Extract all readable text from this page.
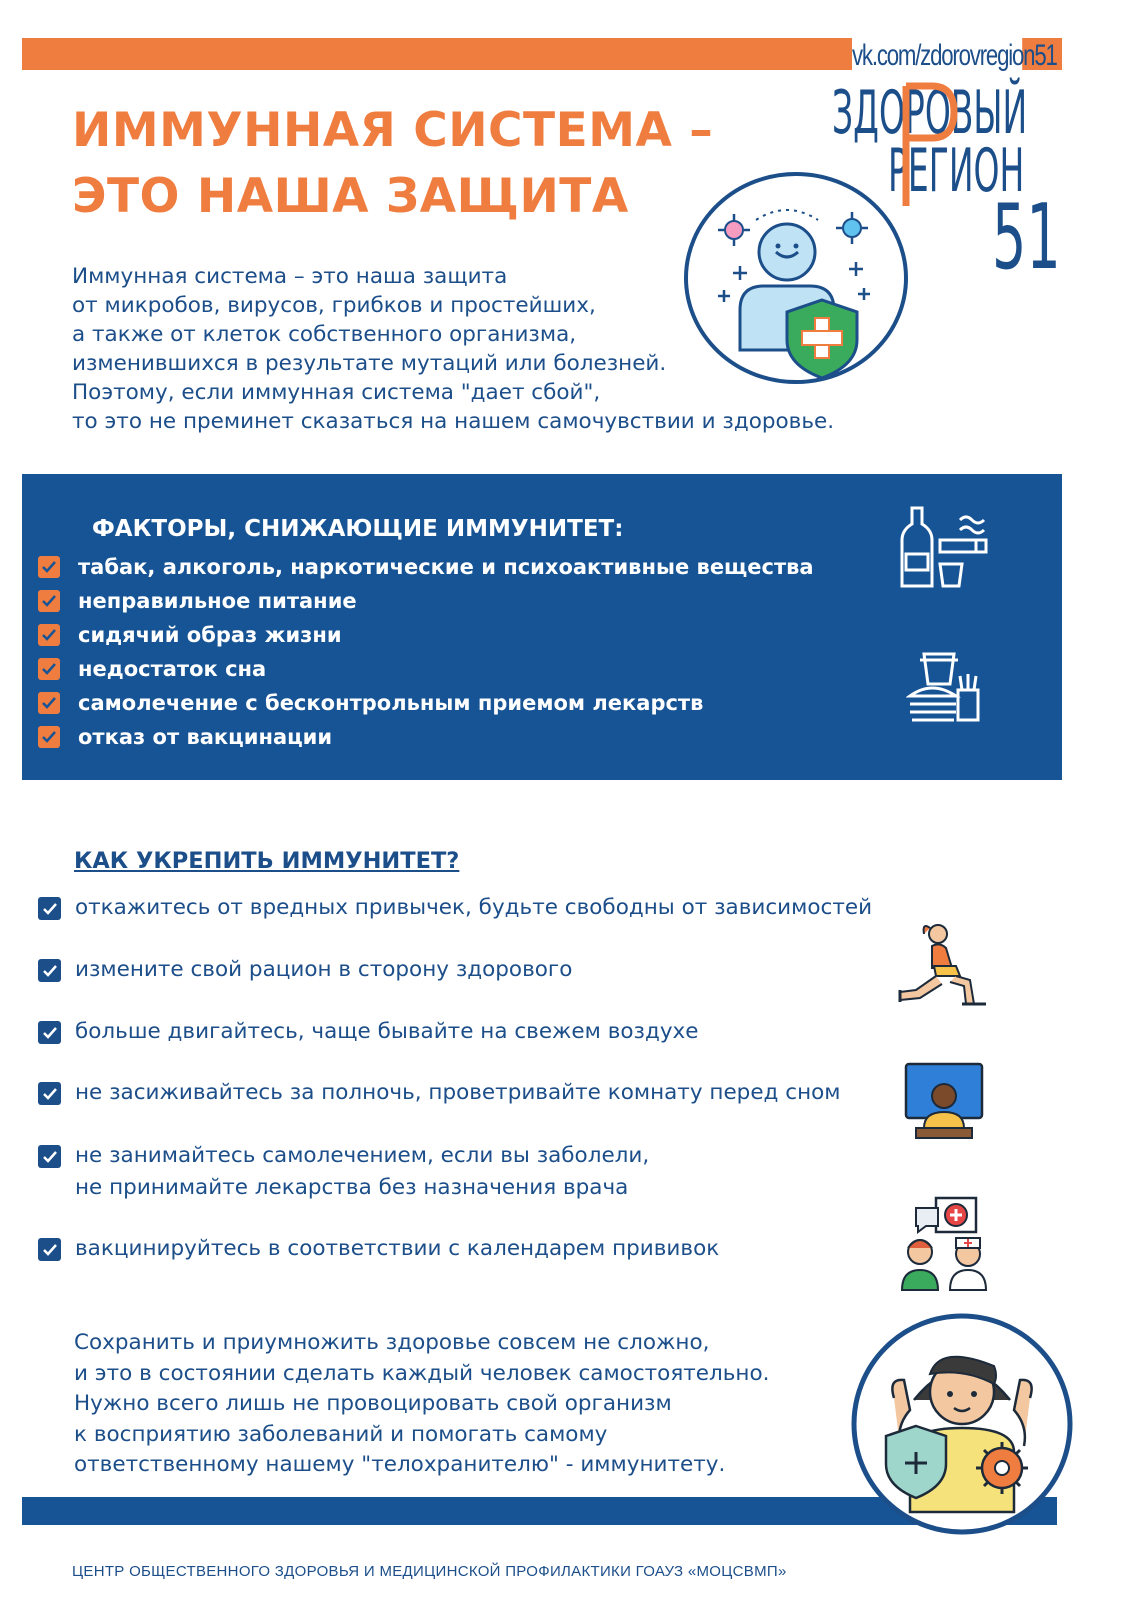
vk.com/zdorovregion51
ЗДОРОВЫЙ
РЕГИОН
51
ИММУННАЯ СИСТЕМА –
ЭТО НАША ЗАЩИТА
Иммунная система – это наша защита
от микробов, вирусов, грибков и простейших,
а также от клеток собственного организма,
изменившихся в результате мутаций или болезней.
Поэтому, если иммунная система "дает сбой",
то это не преминет сказаться на нашем самочувствии и здоровье.
ФАКТОРЫ, СНИЖАЮЩИЕ ИММУНИТЕТ:
табак, алкоголь, наркотические и психоактивные вещества
неправильное питание
сидячий образ жизни
недостаток сна
самолечение с бесконтрольным приемом лекарств
отказ от вакцинации
КАК УКРЕПИТЬ ИММУНИТЕТ?
откажитесь от вредных привычек, будьте свободны от зависимостей
измените свой рацион в сторону здорового
больше двигайтесь, чаще бывайте на свежем воздухе
не засиживайтесь за полночь, проветривайте комнату перед сном
не занимайтесь самолечением, если вы заболели,
не принимайте лекарства без назначения врача
вакцинируйтесь в соответствии с календарем прививок
Сохранить и приумножить здоровье совсем не сложно,
и это в состоянии сделать каждый человек самостоятельно.
Нужно всего лишь не провоцировать свой организм
к восприятию заболеваний и помогать самому
ответственному нашему "телохранителю" - иммунитету.
ЦЕНТР ОБЩЕСТВЕННОГО ЗДОРОВЬЯ И МЕДИЦИНСКОЙ ПРОФИЛАКТИКИ ГОАУЗ «МОЦСВМП»
